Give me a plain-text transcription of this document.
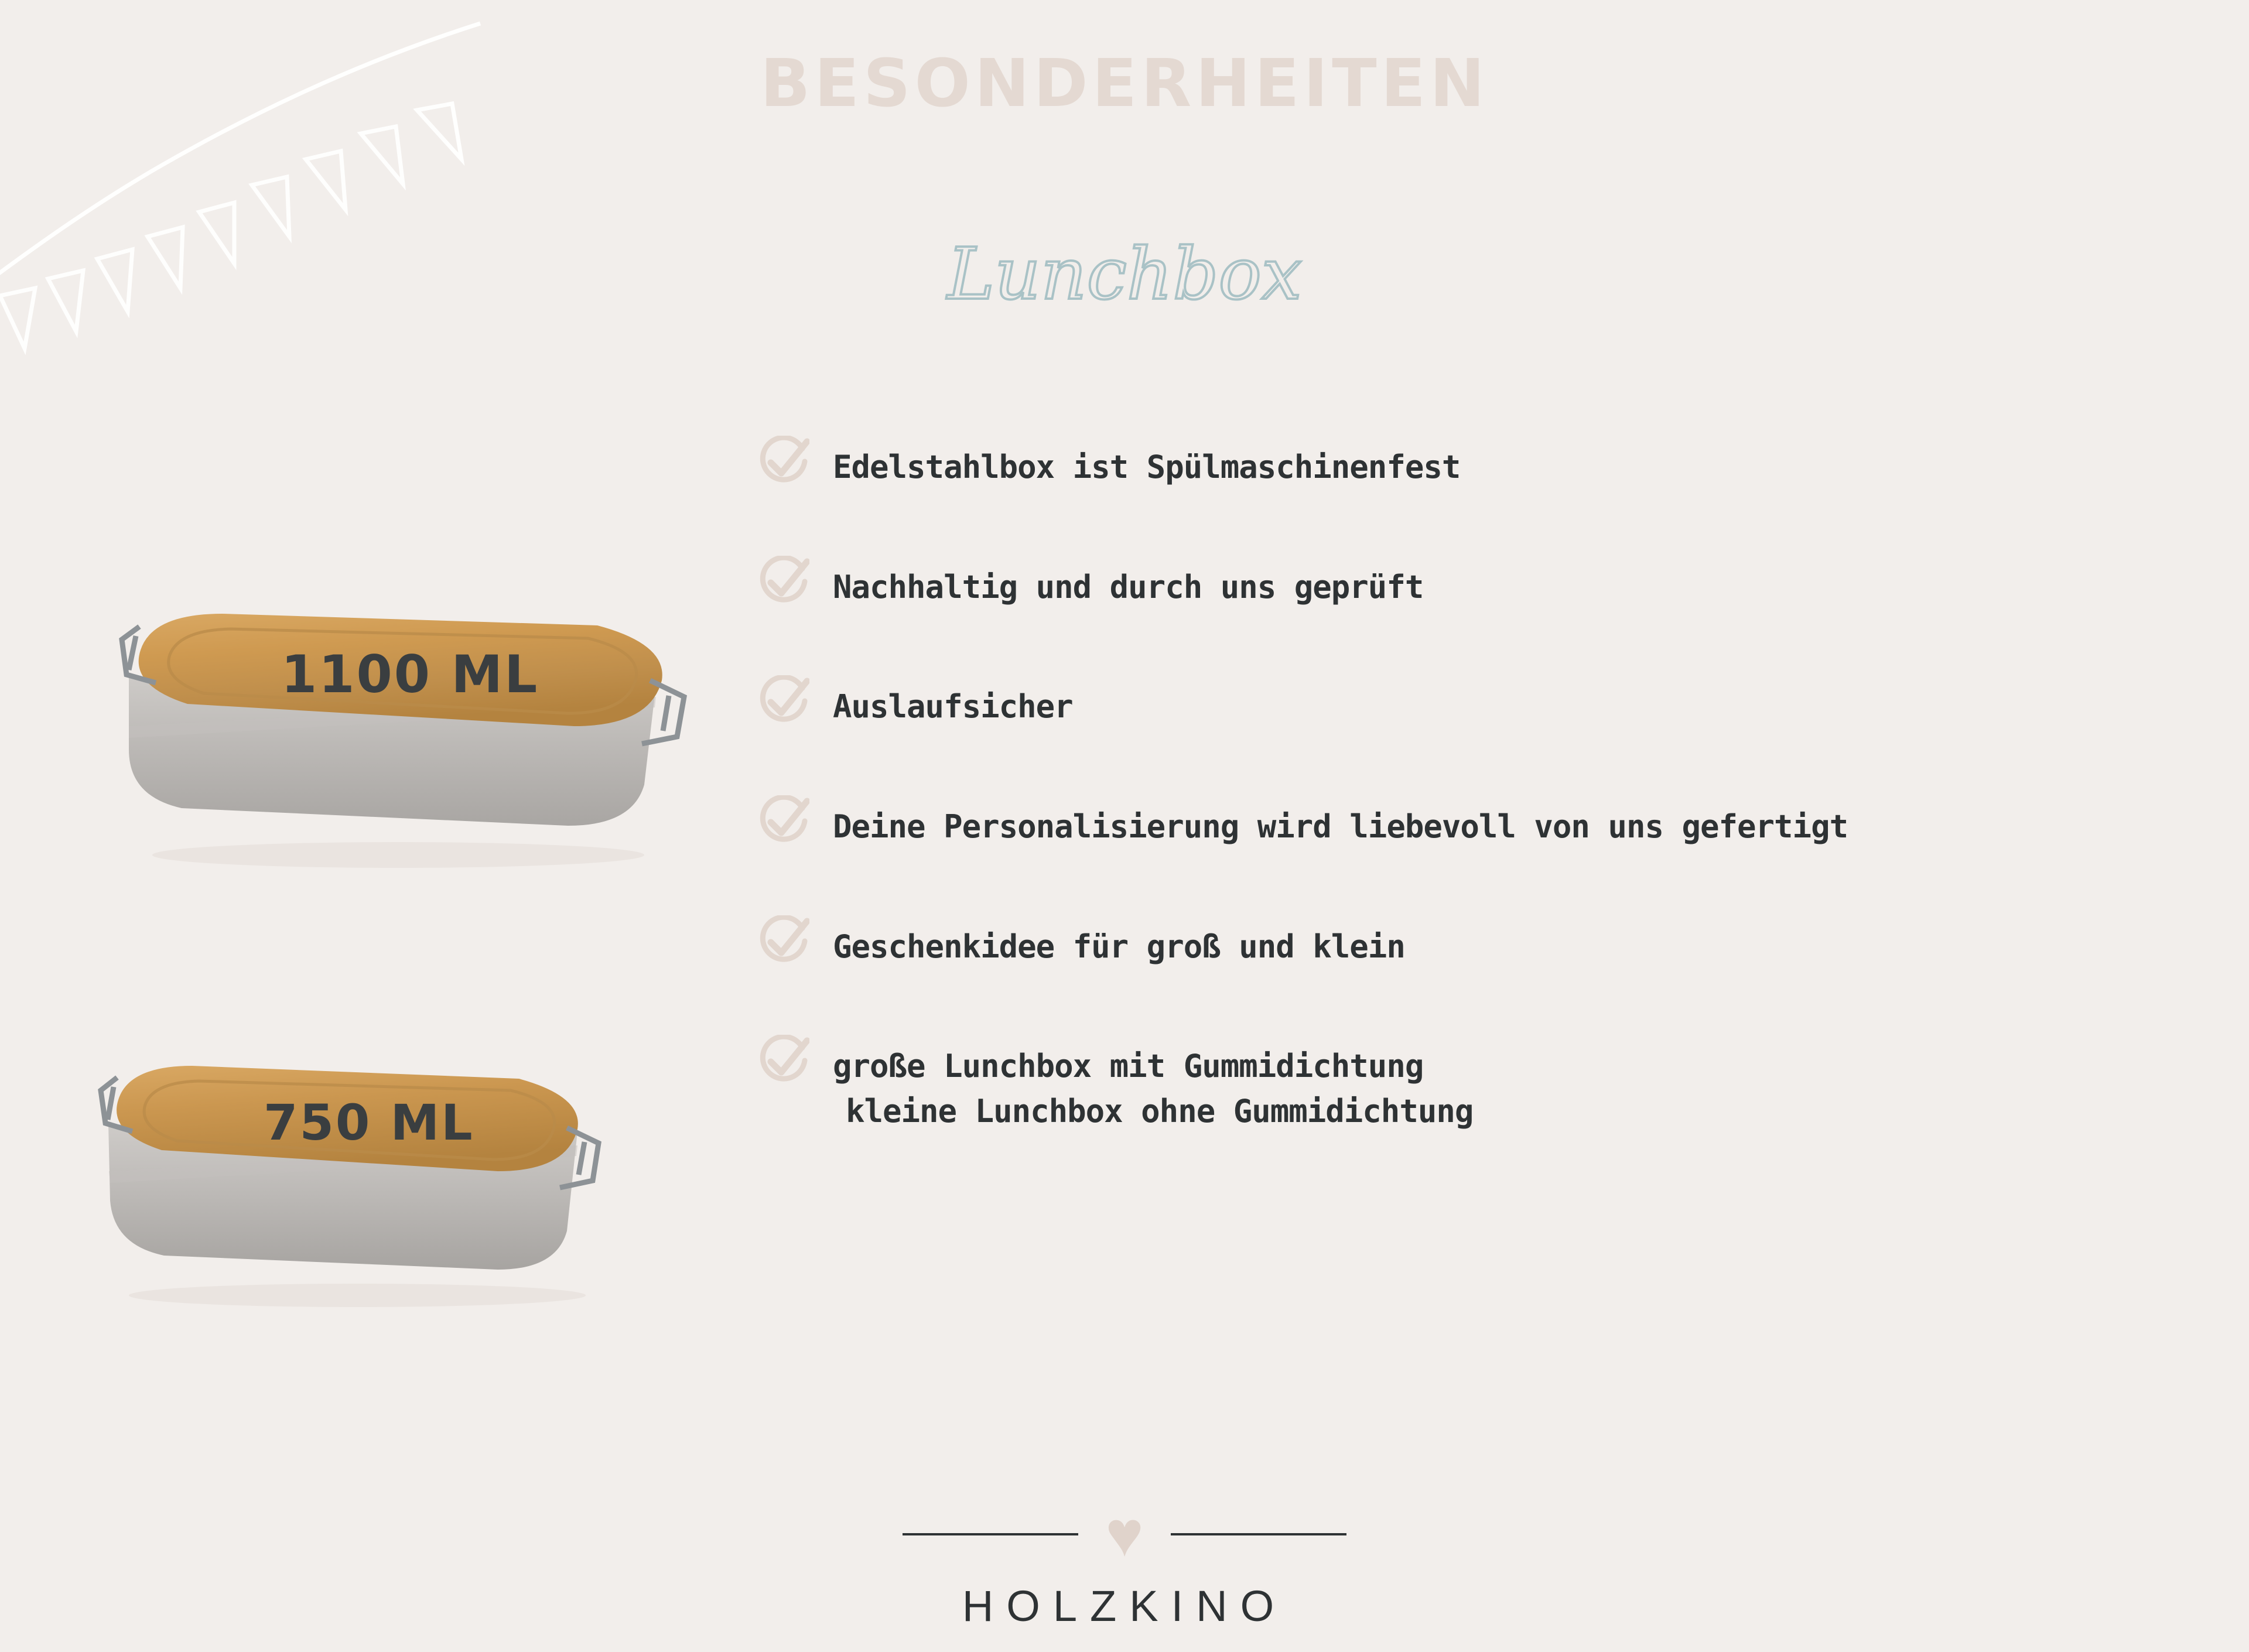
BESONDERHEITEN
Lunchbox
1100 ML
750 ML
Edelstahlbox ist Spülmaschinenfest
Nachhaltig und durch uns geprüft
Auslaufsicher
Deine Personalisierung wird liebevoll von uns gefertigt
Geschenkidee für groß und klein
große Lunchbox mit Gummidichtung
kleine Lunchbox ohne Gummidichtung
♥
HOLZKINO
